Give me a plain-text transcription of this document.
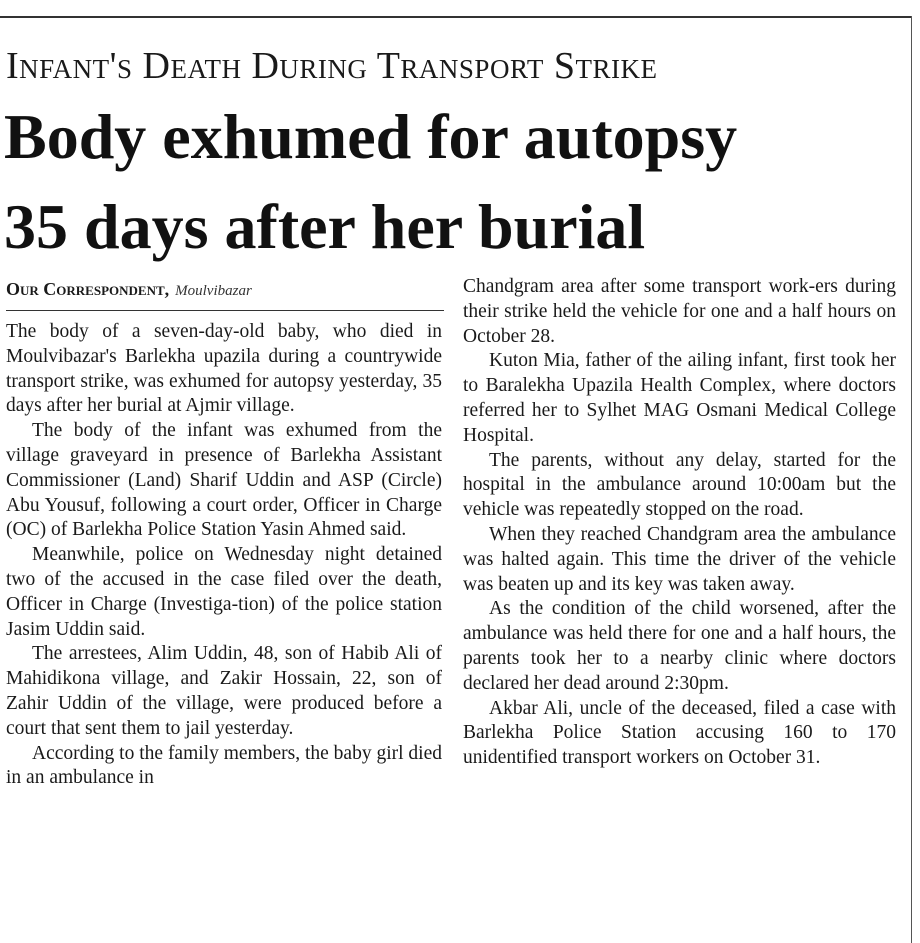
Infant's Death During Transport Strike
Body exhumed for autopsy
35 days after her burial
Our Correspondent, Moulvibazar

The body of a seven-day-old baby, who died in Moulvibazar's Barlekha upazila during a countrywide transport strike, was exhumed for autopsy yesterday, 35 days after her burial at Ajmir village.

The body of the infant was exhumed from the village graveyard in presence of Barlekha Assistant Commissioner (Land) Sharif Uddin and ASP (Circle) Abu Yousuf, following a court order, Officer in Charge (OC) of Barlekha Police Station Yasin Ahmed said.

Meanwhile, police on Wednesday night detained two of the accused in the case filed over the death, Officer in Charge (Investiga-tion) of the police station Jasim Uddin said.

The arrestees, Alim Uddin, 48, son of Habib Ali of Mahidikona village, and Zakir Hossain, 22, son of Zahir Uddin of the village, were produced before a court that sent them to jail yesterday.

According to the family members, the baby girl died in an ambulance in

Chandgram area after some transport work-ers during their strike held the vehicle for one and a half hours on October 28.

Kuton Mia, father of the ailing infant, first took her to Baralekha Upazila Health Complex, where doctors referred her to Sylhet MAG Osmani Medical College Hospital.

The parents, without any delay, started for the hospital in the ambulance around 10:00am but the vehicle was repeatedly stopped on the road.

When they reached Chandgram area the ambulance was halted again. This time the driver of the vehicle was beaten up and its key was taken away.

As the condition of the child worsened, after the ambulance was held there for one and a half hours, the parents took her to a nearby clinic where doctors declared her dead around 2:30pm.

Akbar Ali, uncle of the deceased, filed a case with Barlekha Police Station accusing 160 to 170 unidentified transport workers on October 31.
